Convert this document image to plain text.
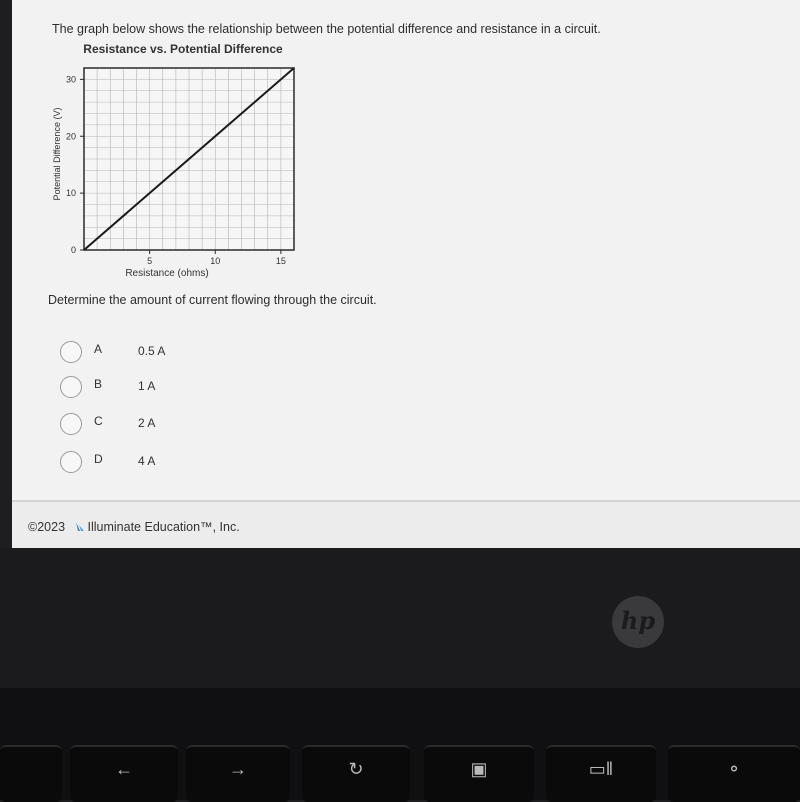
The graph below shows the relationship between the potential difference and resistance in a circuit.
Resistance vs. Potential Difference
5	10	15
0
10
20
30
Resistance (ohms)
Potential Difference (V)
Determine the amount of current flowing through the circuit.
A	0.5 A
B	1 A
C	2 A
D	4 A
©2023 Illuminate Education™, Inc.
hp
←	→	↻	▣	▭‖	⚬
